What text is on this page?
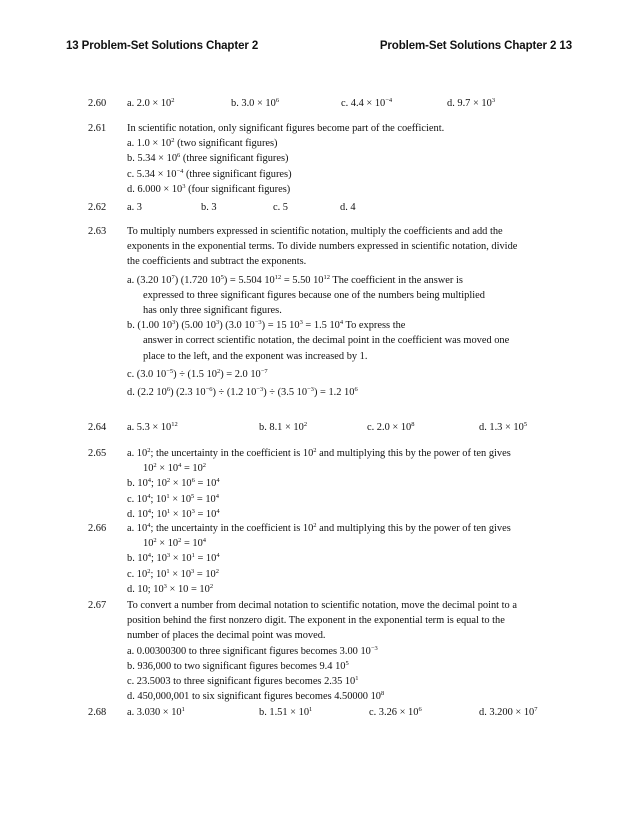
13 Problem-Set Solutions Chapter 2	Problem-Set Solutions Chapter 2 13
2.60	a. $2.0 \times 10^2$	b. $3.0 \times 10^6$	c. $4.4 \times 10^{-4}$	d. $9.7 \times 10^3$
2.61	In scientific notation, only significant figures become part of the coefficient.
a. $1.0 \times 10^2$ (two significant figures)
b. $5.34 \times 10^6$ (three significant figures)
c. $5.34 \times 10^{-4}$ (three significant figures)
d. $6.000 \times 10^3$ (four significant figures)
2.62	a. 3	b. 3	c. 5	d. 4
2.63	To multiply numbers expressed in scientific notation, multiply the coefficients and add the
exponents in the exponential terms. To divide numbers expressed in scientific notation, divide
the coefficients and subtract the exponents.
a. (3.20 $10^7$) (1.720 $10^5) = 5.504$ $10^{12} = 5.50$ $10^{12}$ The coefficient in the answer is
expressed to three significant figures because one of the numbers being multiplied
has only three significant figures.
b. (1.00 $10^3$) (5.00 $10^3$) (3.0 $10^{-3}) = 15$ $10^3 = 1.5$ $10^4$ To express the
answer in correct scientific notation, the decimal point in the coefficient was moved one
place to the left, and the exponent was increased by 1.
c. (3.0 $10^{-5}) \div (1.5$ $10^2) = 2.0$ $10^{-7}$
d. (2.2 $10^6$) (2.3 $10^{-6}) \div (1.2$ $10^{-3}) \div (3.5$ $10^{-3}) = 1.2$ $10^6$
2.64	a. $5.3 \times 10^{12}$	b. $8.1 \times 10^2$	c. $2.0 \times 10^8$	d. $1.3 \times 10^5$
2.65	a. $10^2$; the uncertainty in the coefficient is $10^2$ and multiplying this by the power of ten gives
$10^2 \times 10^4 = 10^2$
b. $10^4$; $10^2 \times 10^6 = 10^4$
c. $10^4$; $10^1 \times 10^5 = 10^4$
d. $10^4$; $10^1 \times 10^3 = 10^4$
2.66	a. $10^4$; the uncertainty in the coefficient is $10^2$ and multiplying this by the power of ten gives
$10^2 \times 10^2 = 10^4$
b. $10^4$; $10^3 \times 10^1 = 10^4$
c. $10^2$; $10^1 \times 10^3 = 10^2$
d. 10; $10^3 \times 10 = 10^2$
2.67	To convert a number from decimal notation to scientific notation, move the decimal point to a
position behind the first nonzero digit. The exponent in the exponential term is equal to the
number of places the decimal point was moved.
a. 0.00300300 to three significant figures becomes 3.00 $10^{-3}$
b. 936,000 to two significant figures becomes 9.4 $10^5$
c. 23.5003 to three significant figures becomes 2.35 $10^1$
d. 450,000,001 to six significant figures becomes 4.50000 $10^8$
2.68	a. $3.030 \times 10^1$	b. $1.51 \times 10^1$	c. $3.26 \times 10^6$	d. $3.200 \times 10^7$
